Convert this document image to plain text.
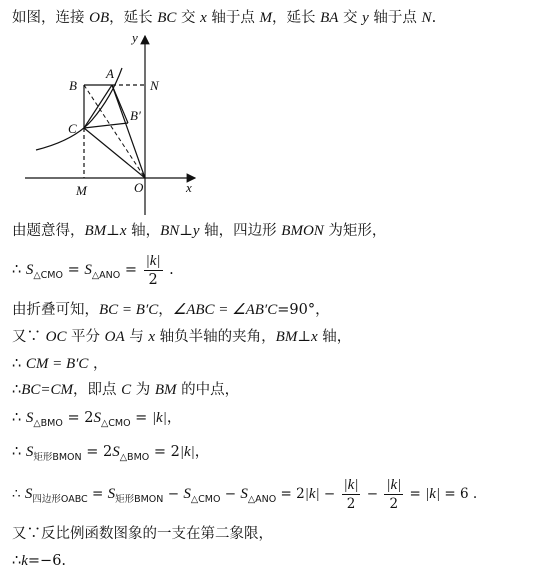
如图，连接 OB，延长 BC 交 x 轴于点 M，延长 BA 交 y 轴于点 N.
y
B
A
N
B′
C
M	O	x
由题意得，BM⊥x 轴，BN⊥y 轴，四边形 BMON 为矩形，
∴ $S_{\triangle CMO} = S_{\triangle ANO} = \frac{|k|}{2}$ .
由折叠可知，BC = B′C，∠ABC = ∠AB′C=90°，
又∵ OC 平分 OA 与 x 轴负半轴的夹角，BM⊥x 轴，
∴ CM = B′C ，
∴BC=CM，即点 C 为 BM 的中点，
∴ $S_{\triangle BMO} = 2S_{\triangle CMO} = |k|$，
∴ $S_{矩形BMON} = 2S_{\triangle BMO} = 2|k|$，
∴ $S_{四边形OABC} = S_{矩形BMON} - S_{\triangle CMO} - S_{\triangle ANO} = 2|k| - \frac{|k|}{2} - \frac{|k|}{2} = |k| = 6$ .
又∵反比例函数图象的一支在第二象限，
∴k=−6.
